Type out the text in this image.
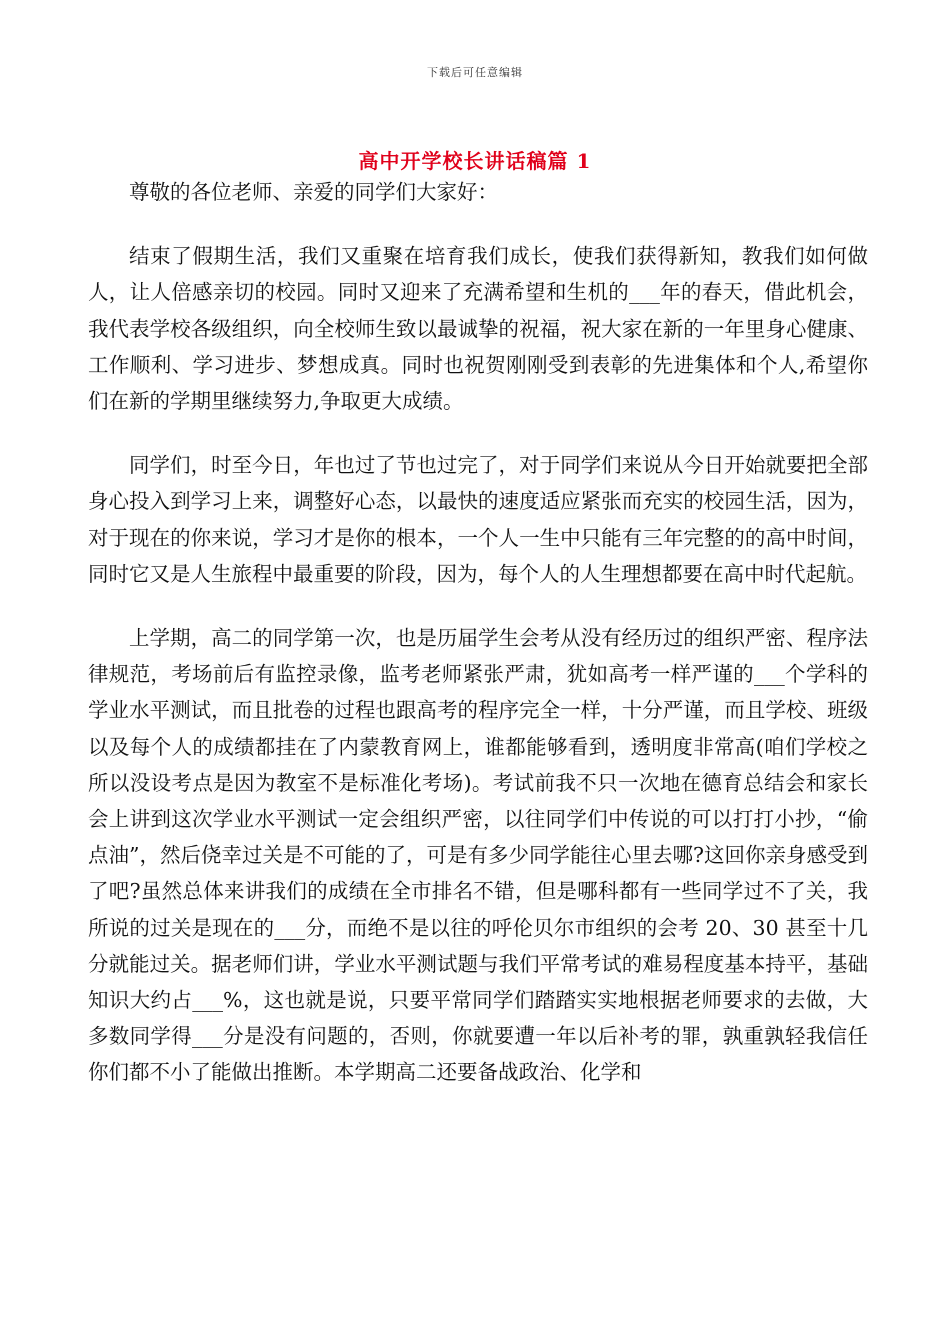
下载后可任意编辑
高中开学校长讲话稿篇 1

尊敬的各位老师、亲爱的同学们大家好：

结束了假期生活，我们又重聚在培育我们成长，使我们获得新知，教我们如何做人，让人倍感亲切的校园。同时又迎来了充满希望和生机的___年的春天，借此机会，我代表学校各级组织，向全校师生致以最诚挚的祝福，祝大家在新的一年里身心健康、工作顺利、学习进步、梦想成真。同时也祝贺刚刚受到表彰的先进集体和个人,希望你们在新的学期里继续努力,争取更大成绩。

同学们，时至今日，年也过了节也过完了，对于同学们来说从今日开始就要把全部身心投入到学习上来，调整好心态，以最快的速度适应紧张而充实的校园生活，因为，对于现在的你来说，学习才是你的根本，一个人一生中只能有三年完整的的高中时间，同时它又是人生旅程中最重要的阶段，因为，每个人的人生理想都要在高中时代起航。

上学期，高二的同学第一次，也是历届学生会考从没有经历过的组织严密、程序法律规范，考场前后有监控录像，监考老师紧张严肃，犹如高考一样严谨的___个学科的学业水平测试，而且批卷的过程也跟高考的程序完全一样，十分严谨，而且学校、班级以及每个人的成绩都挂在了内蒙教育网上，谁都能够看到，透明度非常高(咱们学校之所以没设考点是因为教室不是标准化考场)。考试前我不只一次地在德育总结会和家长会上讲到这次学业水平测试一定会组织严密，以往同学们中传说的可以打打小抄，“偷点油”，然后侥幸过关是不可能的了，可是有多少同学能往心里去哪?这回你亲身感受到了吧?虽然总体来讲我们的成绩在全市排名不错，但是哪科都有一些同学过不了关，我所说的过关是现在的___分，而绝不是以往的呼伦贝尔市组织的会考 20、30 甚至十几分就能过关。据老师们讲，学业水平测试题与我们平常考试的难易程度基本持平，基础知识大约占___%，这也就是说，只要平常同学们踏踏实实地根据老师要求的去做，大多数同学得___分是没有问题的，否则，你就要遭一年以后补考的罪，孰重孰轻我信任你们都不小了能做出推断。本学期高二还要备战政治、化学和
